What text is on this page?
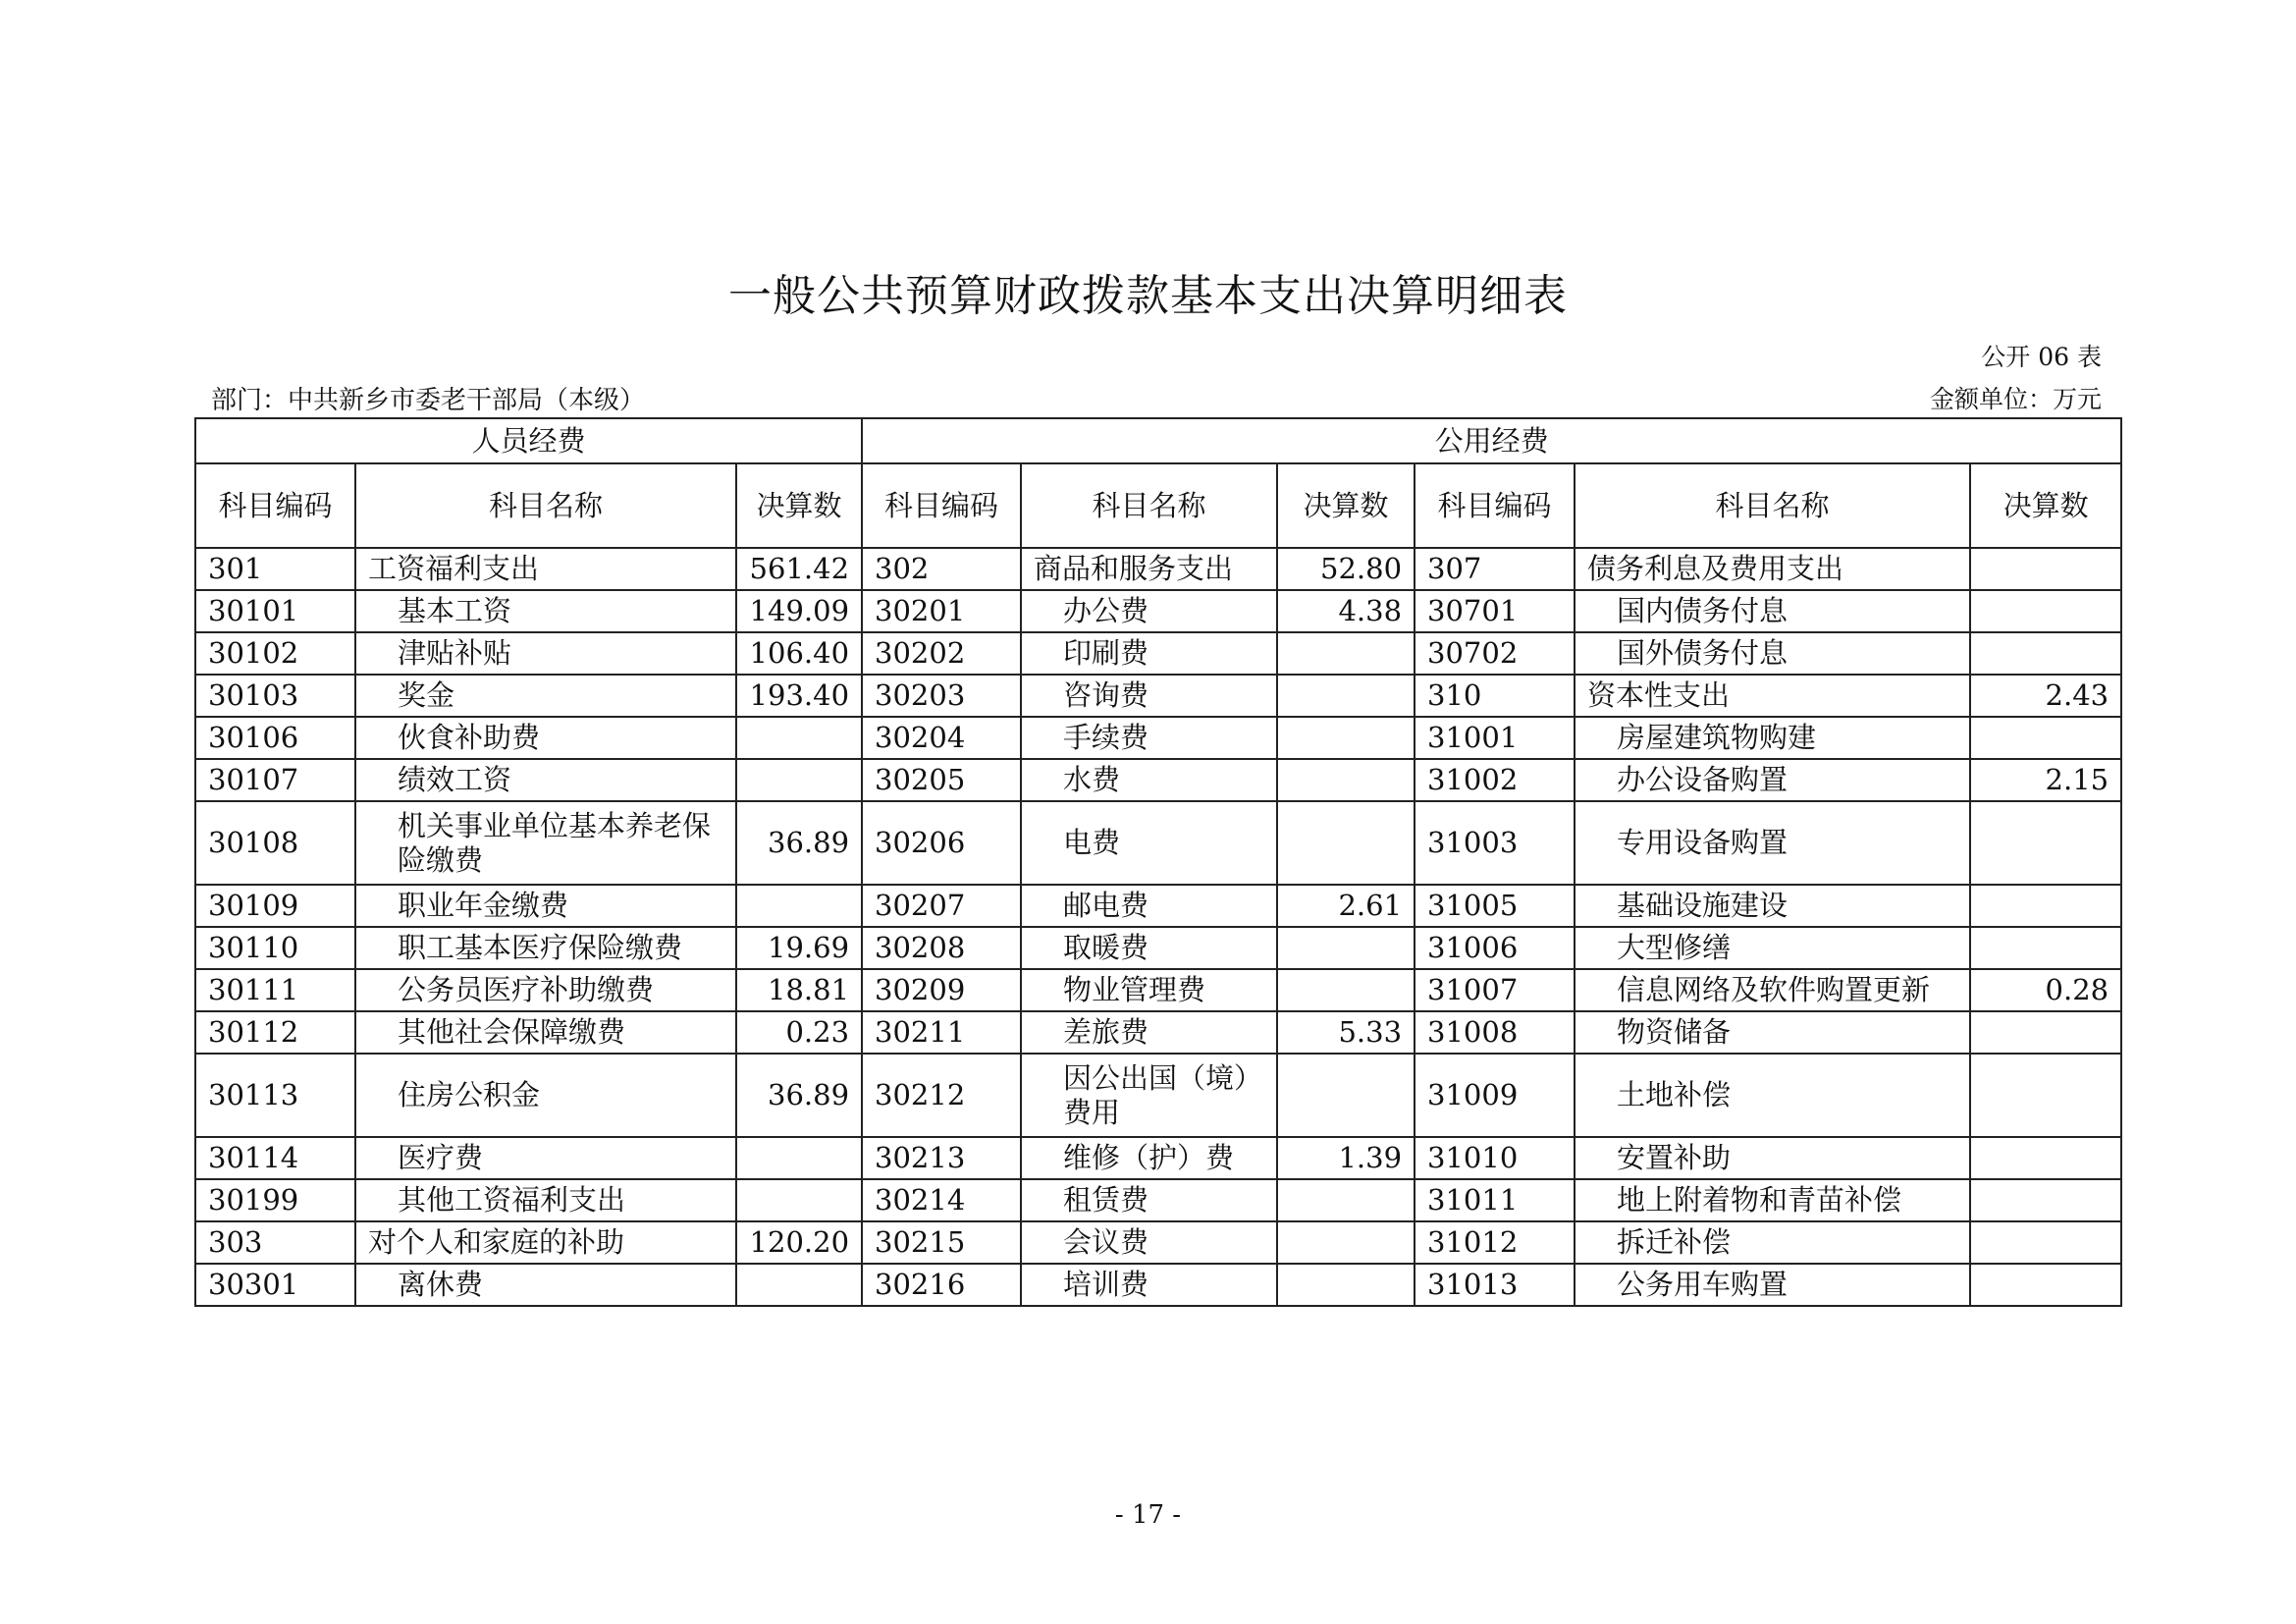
一般公共预算财政拨款基本支出决算明细表
公开 06 表
部门：中共新乡市委老干部局（本级）	金额单位：万元
人员经费			公用经费					
科目编码	科目名称	决算数	科目编码	科目名称	决算数	科目编码	科目名称	决算数
301	工资福利支出	561.42	302	商品和服务支出	52.80	307	债务利息及费用支出	
30101	基本工资	149.09	30201	办公费	4.38	30701	国内债务付息	
30102	津贴补贴	106.40	30202	印刷费		30702	国外债务付息	
30103	奖金	193.40	30203	咨询费		310	资本性支出	2.43
30106	伙食补助费		30204	手续费		31001	房屋建筑物购建	
30107	绩效工资		30205	水费		31002	办公设备购置	2.15
30108	机关事业单位基本养老保险缴费	36.89	30206	电费		31003	专用设备购置	
30109	职业年金缴费		30207	邮电费	2.61	31005	基础设施建设	
30110	职工基本医疗保险缴费	19.69	30208	取暖费		31006	大型修缮	
30111	公务员医疗补助缴费	18.81	30209	物业管理费		31007	信息网络及软件购置更新	0.28
30112	其他社会保障缴费	0.23	30211	差旅费	5.33	31008	物资储备	
30113	住房公积金	36.89	30212	因公出国（境）费用		31009	土地补偿	
30114	医疗费		30213	维修（护）费	1.39	31010	安置补助	
30199	其他工资福利支出		30214	租赁费		31011	地上附着物和青苗补偿	
303	对个人和家庭的补助	120.20	30215	会议费		31012	拆迁补偿	
30301	离休费		30216	培训费		31013	公务用车购置	
- 17 -
